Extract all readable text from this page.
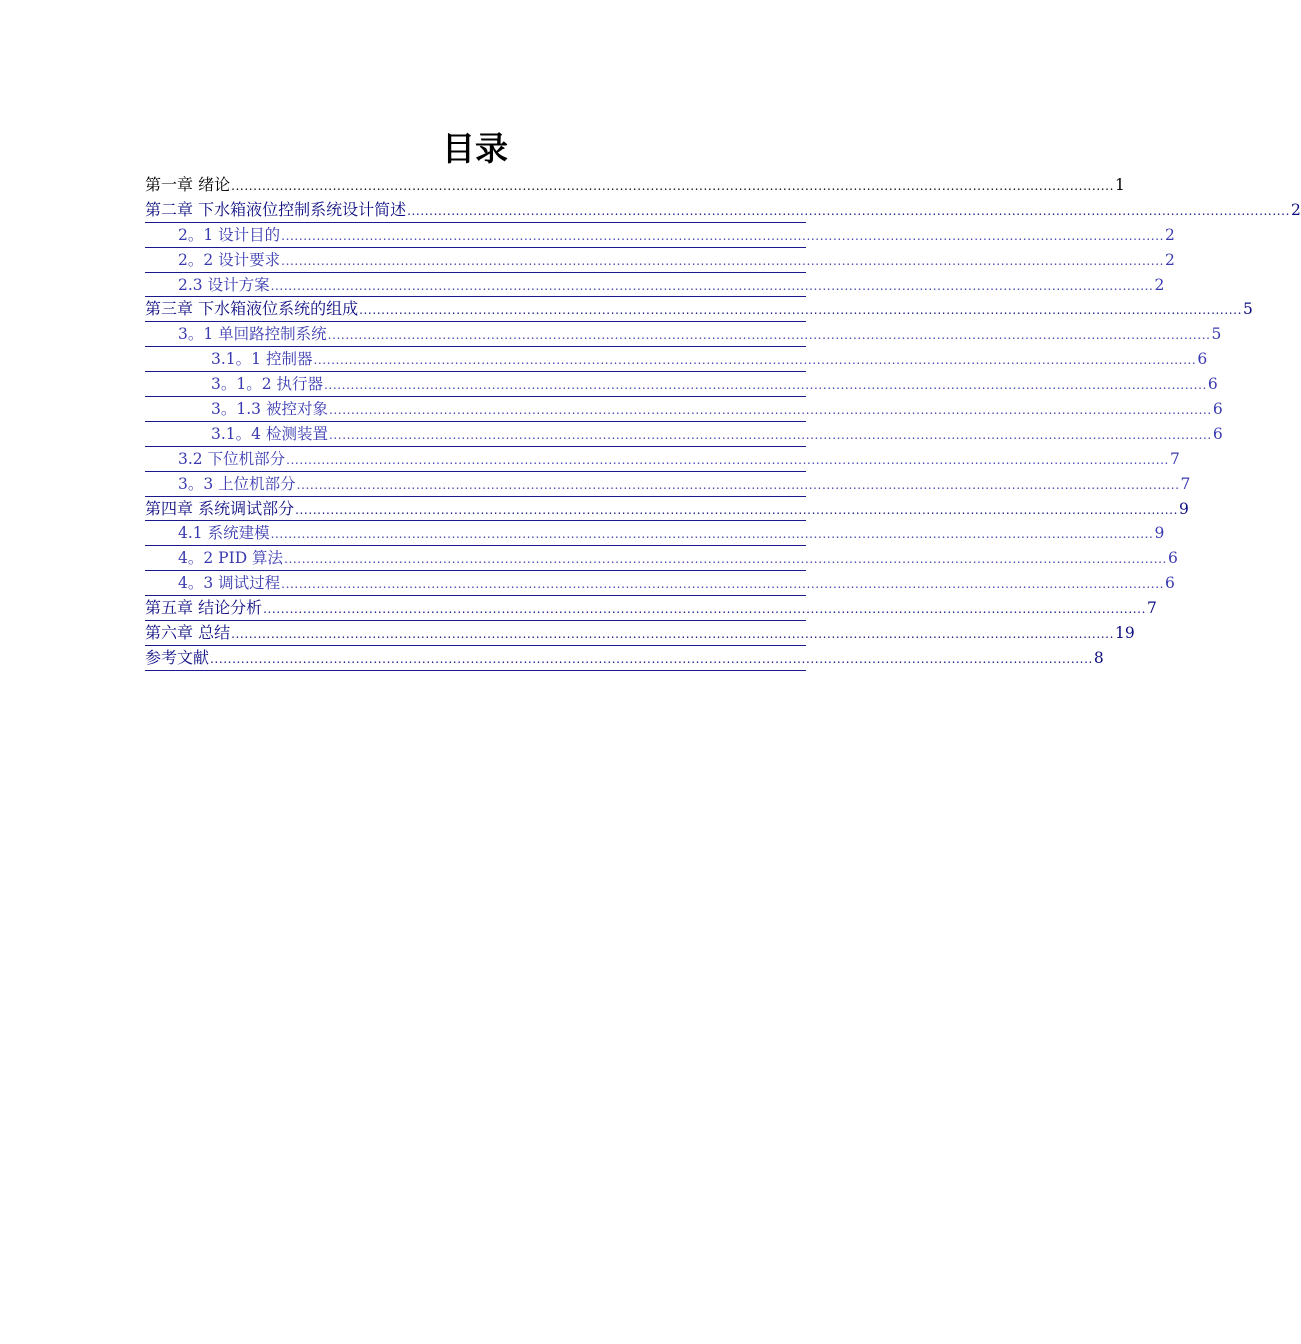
目录
第一章 绪论 ........................................................................................................................................................................................................ 1
第二章 下水箱液位控制系统设计简述 ........................................................................................................................................................................................................ 2
2。1 设计目的 ........................................................................................................................................................................................................ 2
2。2 设计要求 ........................................................................................................................................................................................................ 2
2.3 设计方案 ........................................................................................................................................................................................................ 2
第三章 下水箱液位系统的组成 ........................................................................................................................................................................................................ 5
3。1 单回路控制系统 ........................................................................................................................................................................................................ 5
3.1。1 控制器 ........................................................................................................................................................................................................ 6
3。1。2 执行器 ........................................................................................................................................................................................................ 6
3。1.3 被控对象 ........................................................................................................................................................................................................ 6
3.1。4 检测装置 ........................................................................................................................................................................................................ 6
3.2 下位机部分 ........................................................................................................................................................................................................ 7
3。3 上位机部分 ........................................................................................................................................................................................................ 7
第四章 系统调试部分 ........................................................................................................................................................................................................ 9
4.1 系统建模 ........................................................................................................................................................................................................ 9
4。2 PID 算法 ........................................................................................................................................................................................................ 6
4。3 调试过程 ........................................................................................................................................................................................................ 6
第五章 结论分析 ........................................................................................................................................................................................................ 7
第六章 总结 ........................................................................................................................................................................................................ 19
参考文献 ........................................................................................................................................................................................................ 8
